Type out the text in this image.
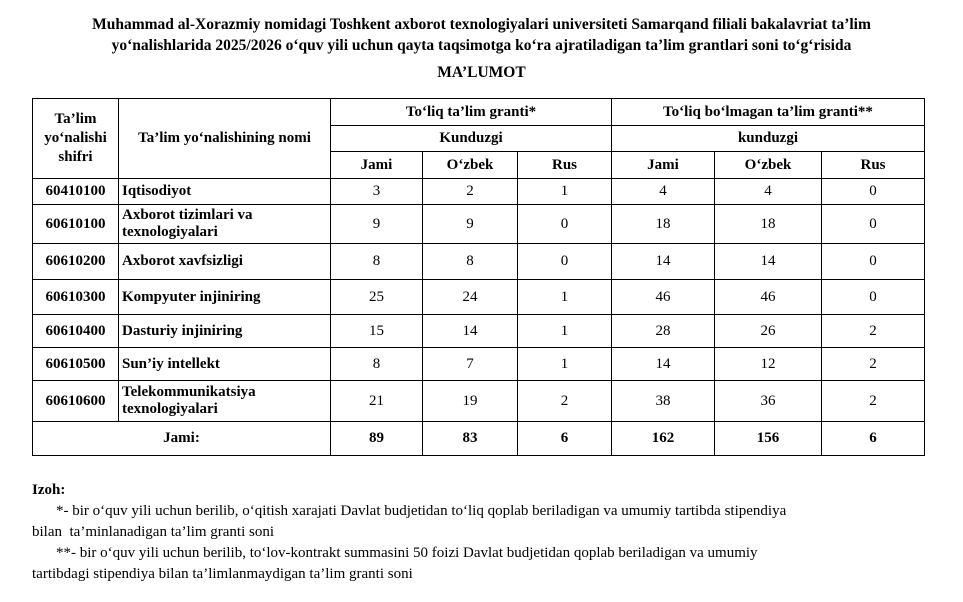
Muhammad al-Xorazmiy nomidagi Toshkent axborot texnologiyalari universiteti Samarqand filiali bakalavriat ta’lim
yo‘nalishlarida 2025/2026 o‘quv yili uchun qayta taqsimotga ko‘ra ajratiladigan ta’lim grantlari soni to‘g‘risida
MA’LUMOT
Ta’lim yo‘nalishi shifri	Ta’lim yo‘nalishining nomi	To‘liq ta’lim granti*			To‘liq bo‘lmagan ta’lim granti**		
		Kunduzgi			kunduzgi		
		Jami	O‘zbek	Rus	Jami	O‘zbek	Rus
60410100	Iqtisodiyot	3	2	1	4	4	0
60610100	Axborot tizimlari va texnologiyalari	9	9	0	18	18	0
60610200	Axborot xavfsizligi	8	8	0	14	14	0
60610300	Kompyuter injiniring	25	24	1	46	46	0
60610400	Dasturiy injiniring	15	14	1	28	26	2
60610500	Sun’iy intellekt	8	7	1	14	12	2
60610600	Telekommunikatsiya texnologiyalari	21	19	2	38	36	2
Jami:		89	83	6	162	156	6
Izoh:
*- bir o‘quv yili uchun berilib, o‘qitish xarajati Davlat budjetidan to‘liq qoplab beriladigan va umumiy tartibda stipendiya
bilan  ta’minlanadigan ta’lim granti soni
**- bir o‘quv yili uchun berilib, to‘lov-kontrakt summasini 50 foizi Davlat budjetidan qoplab beriladigan va umumiy
tartibdagi stipendiya bilan ta’limlanmaydigan ta’lim granti soni
